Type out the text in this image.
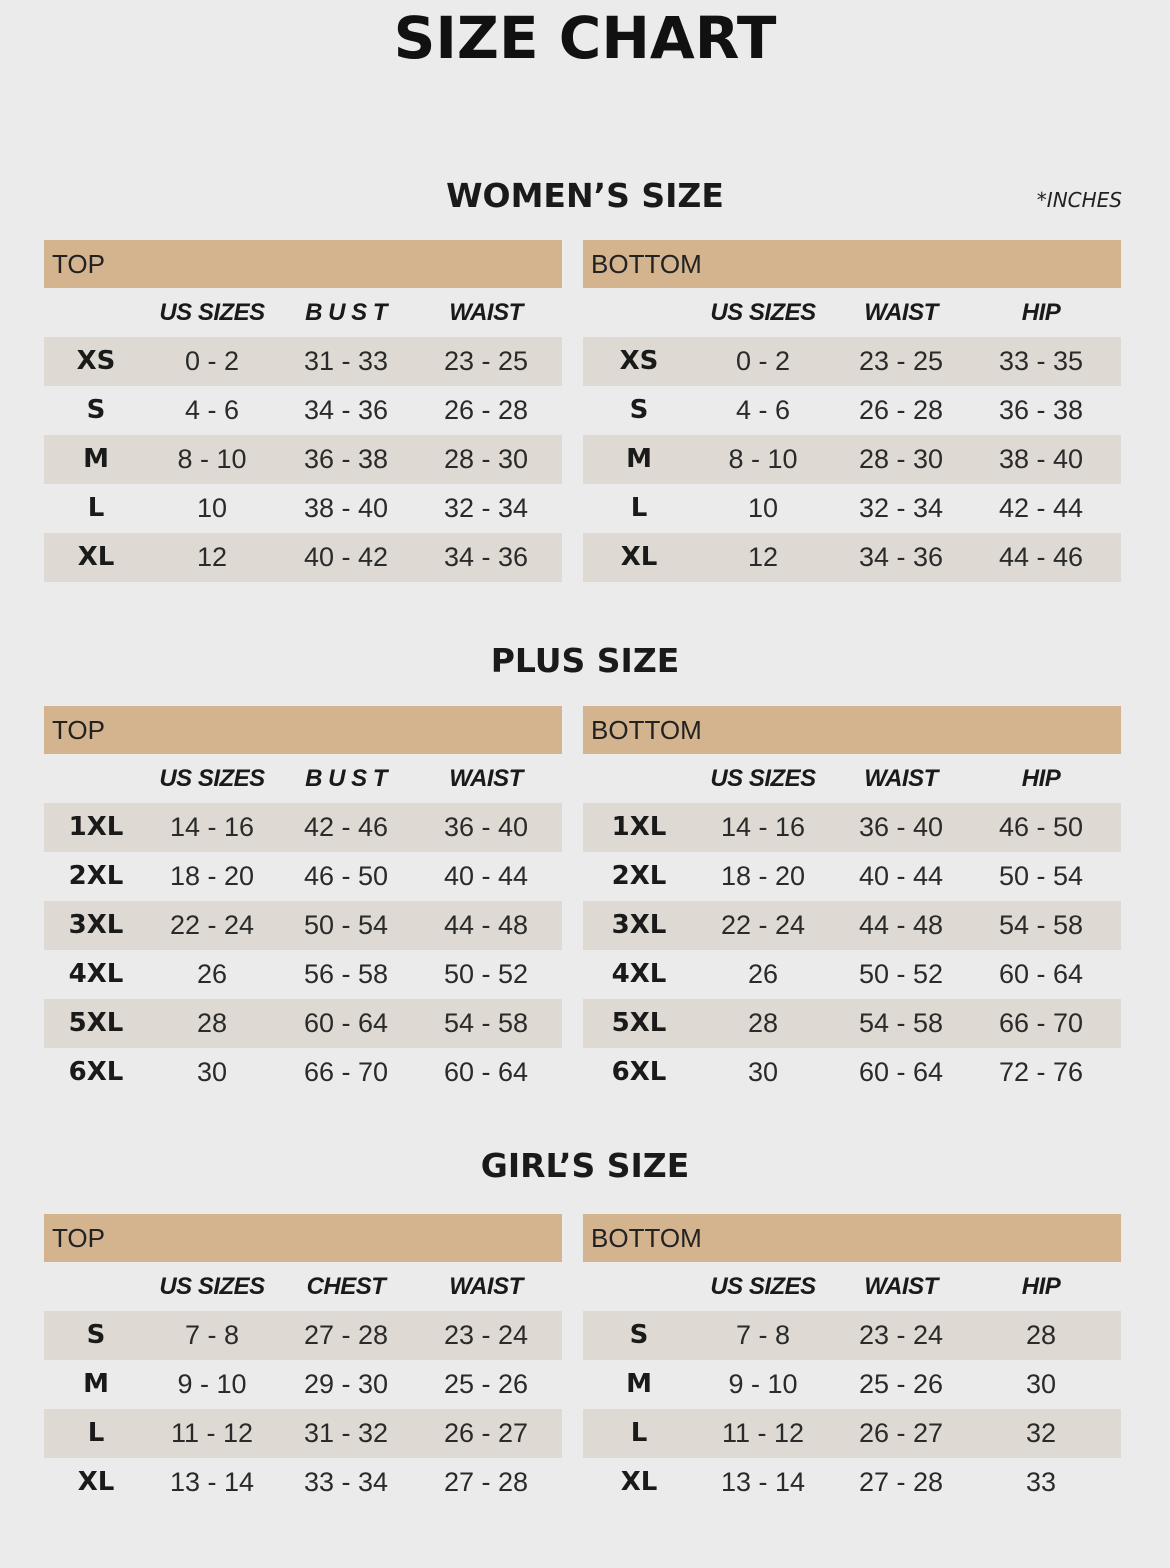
SIZE CHART
*INCHES
WOMEN’S SIZE
TOP
US SIZES	B U S T	WAIST
XS	0 - 2	31 - 33	23 - 25
S	4 - 6	34 - 36	26 - 28
M	8 - 10	36 - 38	28 - 30
L	10	38 - 40	32 - 34
XL	12	40 - 42	34 - 36
BOTTOM
US SIZES	WAIST	HIP
XS	0 - 2	23 - 25	33 - 35
S	4 - 6	26 - 28	36 - 38
M	8 - 10	28 - 30	38 - 40
L	10	32 - 34	42 - 44
XL	12	34 - 36	44 - 46
PLUS SIZE
TOP
US SIZES	B U S T	WAIST
1XL	14 - 16	42 - 46	36 - 40
2XL	18 - 20	46 - 50	40 - 44
3XL	22 - 24	50 - 54	44 - 48
4XL	26	56 - 58	50 - 52
5XL	28	60 - 64	54 - 58
6XL	30	66 - 70	60 - 64
BOTTOM
US SIZES	WAIST	HIP
1XL	14 - 16	36 - 40	46 - 50
2XL	18 - 20	40 - 44	50 - 54
3XL	22 - 24	44 - 48	54 - 58
4XL	26	50 - 52	60 - 64
5XL	28	54 - 58	66 - 70
6XL	30	60 - 64	72 - 76
GIRL’S SIZE
TOP
US SIZES	CHEST	WAIST
S	7 - 8	27 - 28	23 - 24
M	9 - 10	29 - 30	25 - 26
L	11 - 12	31 - 32	26 - 27
XL	13 - 14	33 - 34	27 - 28
BOTTOM
US SIZES	WAIST	HIP
S	7 - 8	23 - 24	28
M	9 - 10	25 - 26	30
L	11 - 12	26 - 27	32
XL	13 - 14	27 - 28	33
